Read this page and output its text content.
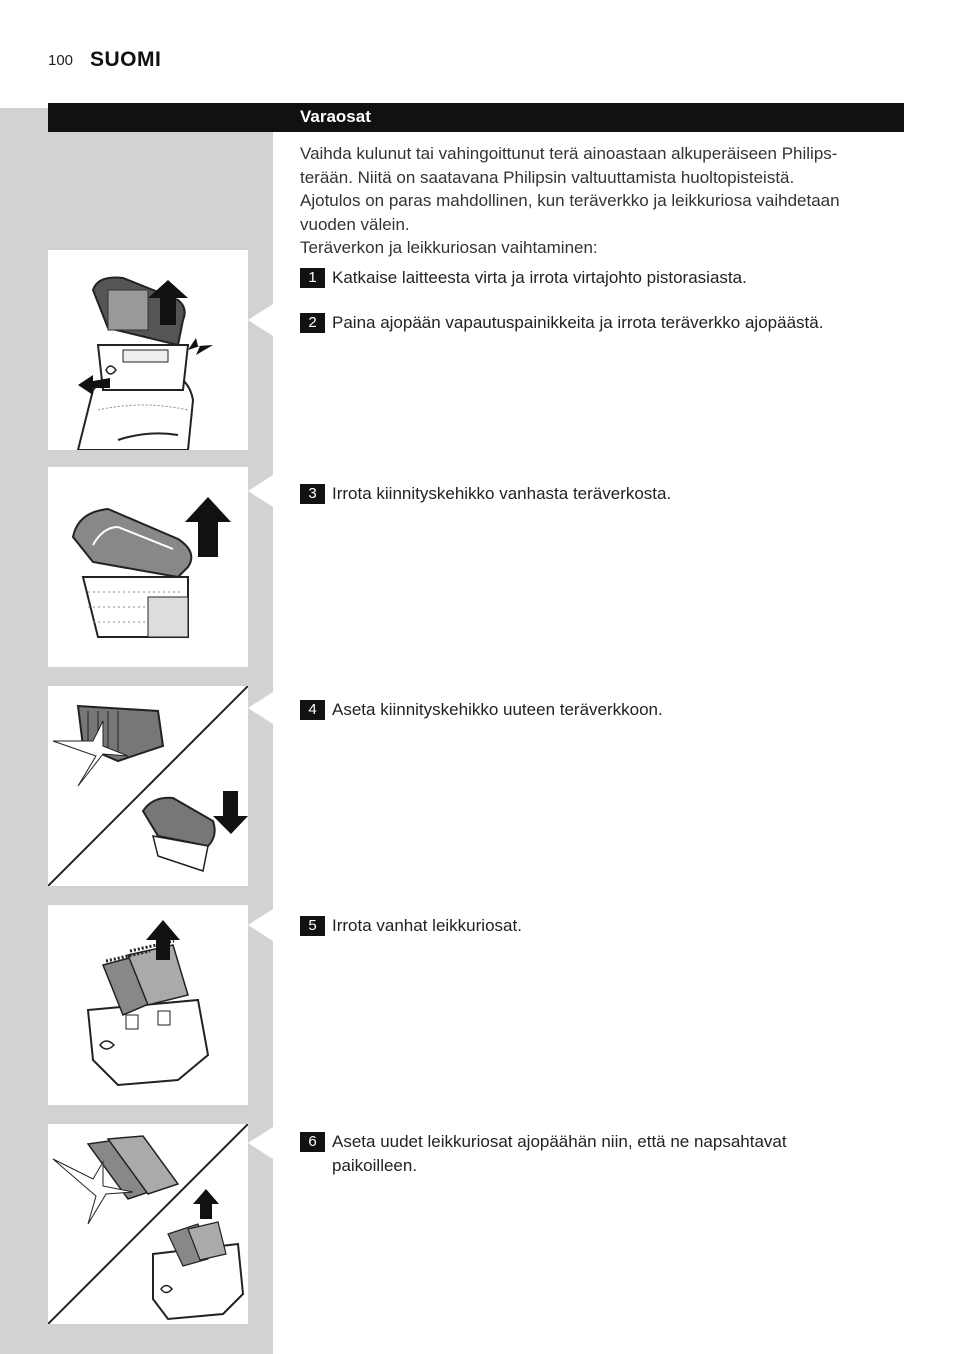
100 SUOMI
Varaosat

Vaihda kulunut tai vahingoittunut terä ainoastaan alkuperäiseen Philips-terään. Niitä on saatavana Philipsin valtuuttamista huoltopisteistä.

Ajotulos on paras mahdollinen, kun teräverkko ja leikkuriosa vaihdetaan vuoden välein.

Teräverkon ja leikkuriosan vaihtaminen:

1 Katkaise laitteesta virta ja irrota virtajohto pistorasiasta.
2 Paina ajopään vapautuspainikkeita ja irrota teräverkko ajopäästä.
3 Irrota kiinnityskehikko vanhasta teräverkosta.
4 Aseta kiinnityskehikko uuteen teräverkkoon.
5 Irrota vanhat leikkuriosat.
6 Aseta uudet leikkuriosat ajopäähän niin, että ne napsahtavat paikoilleen.
